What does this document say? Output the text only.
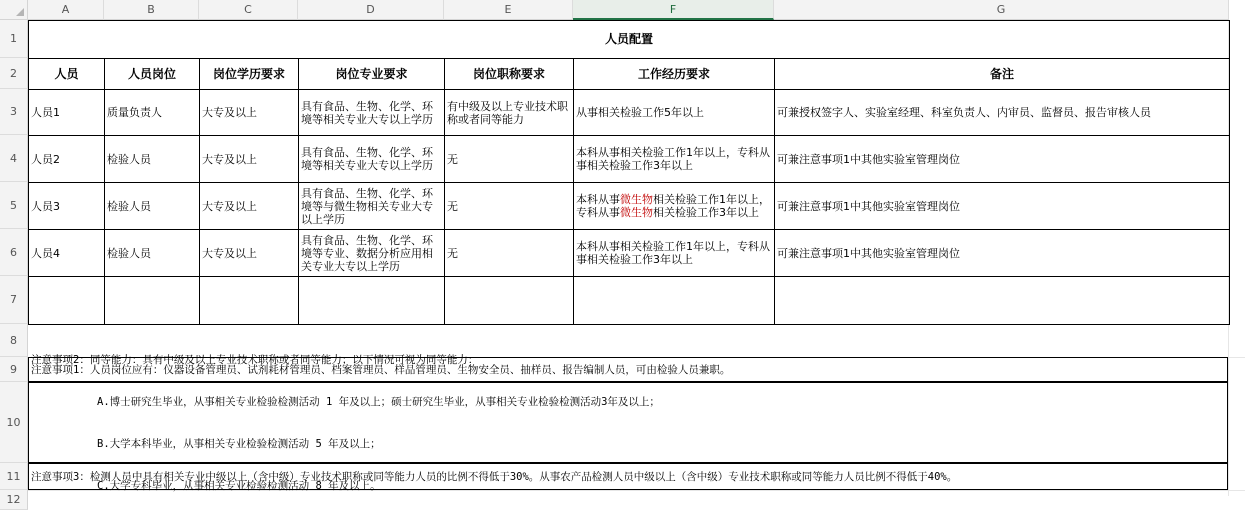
A	B	C	D	E	F	G
1
2
3
4
5
6
7
8
9
10
11
12
人员配置						
人员	人员岗位	岗位学历要求	岗位专业要求	岗位职称要求	工作经历要求	备注
人员1	质量负责人	大专及以上	具有食品、生物、化学、环境等相关专业大专以上学历	有中级及以上专业技术职称或者同等能力	从事相关检验工作5年以上	可兼授权签字人、实验室经理、科室负责人、内审员、监督员、报告审核人员
人员2	检验人员	大专及以上	具有食品、生物、化学、环境等相关专业大专以上学历	无	本科从事相关检验工作1年以上，专科从事相关检验工作3年以上	可兼注意事项1中其他实验室管理岗位
人员3	检验人员	大专及以上	具有食品、生物、化学、环境等与微生物相关专业大专以上学历	无	本科从事微生物相关检验工作1年以上，专科从事微生物相关检验工作3年以上	可兼注意事项1中其他实验室管理岗位
人员4	检验人员	大专及以上	具有食品、生物、化学、环境等专业、数据分析应用相关专业大专以上学历	无	本科从事相关检验工作1年以上，专科从事相关检验工作3年以上	可兼注意事项1中其他实验室管理岗位

注意事项1：人员岗位应有：仪器设备管理员、试剂耗材管理员、档案管理员、样品管理员、生物安全员、抽样员、报告编制人员，可由检验人员兼职。

注意事项2：同等能力：具有中级及以上专业技术职称或者同等能力；以下情况可视为同等能力：

A.博士研究生毕业，从事相关专业检验检测活动 1 年及以上；硕士研究生毕业，从事相关专业检验检测活动3年及以上；

B.大学本科毕业，从事相关专业检验检测活动 5 年及以上；

C.大学专科毕业，从事相关专业检验检测活动 8 年及以上。

注意事项3：检测人员中具有相关专业中级以上（含中级）专业技术职称或同等能力人员的比例不得低于30%。从事农产品检测人员中级以上（含中级）专业技术职称或同等能力人员比例不得低于40%。
